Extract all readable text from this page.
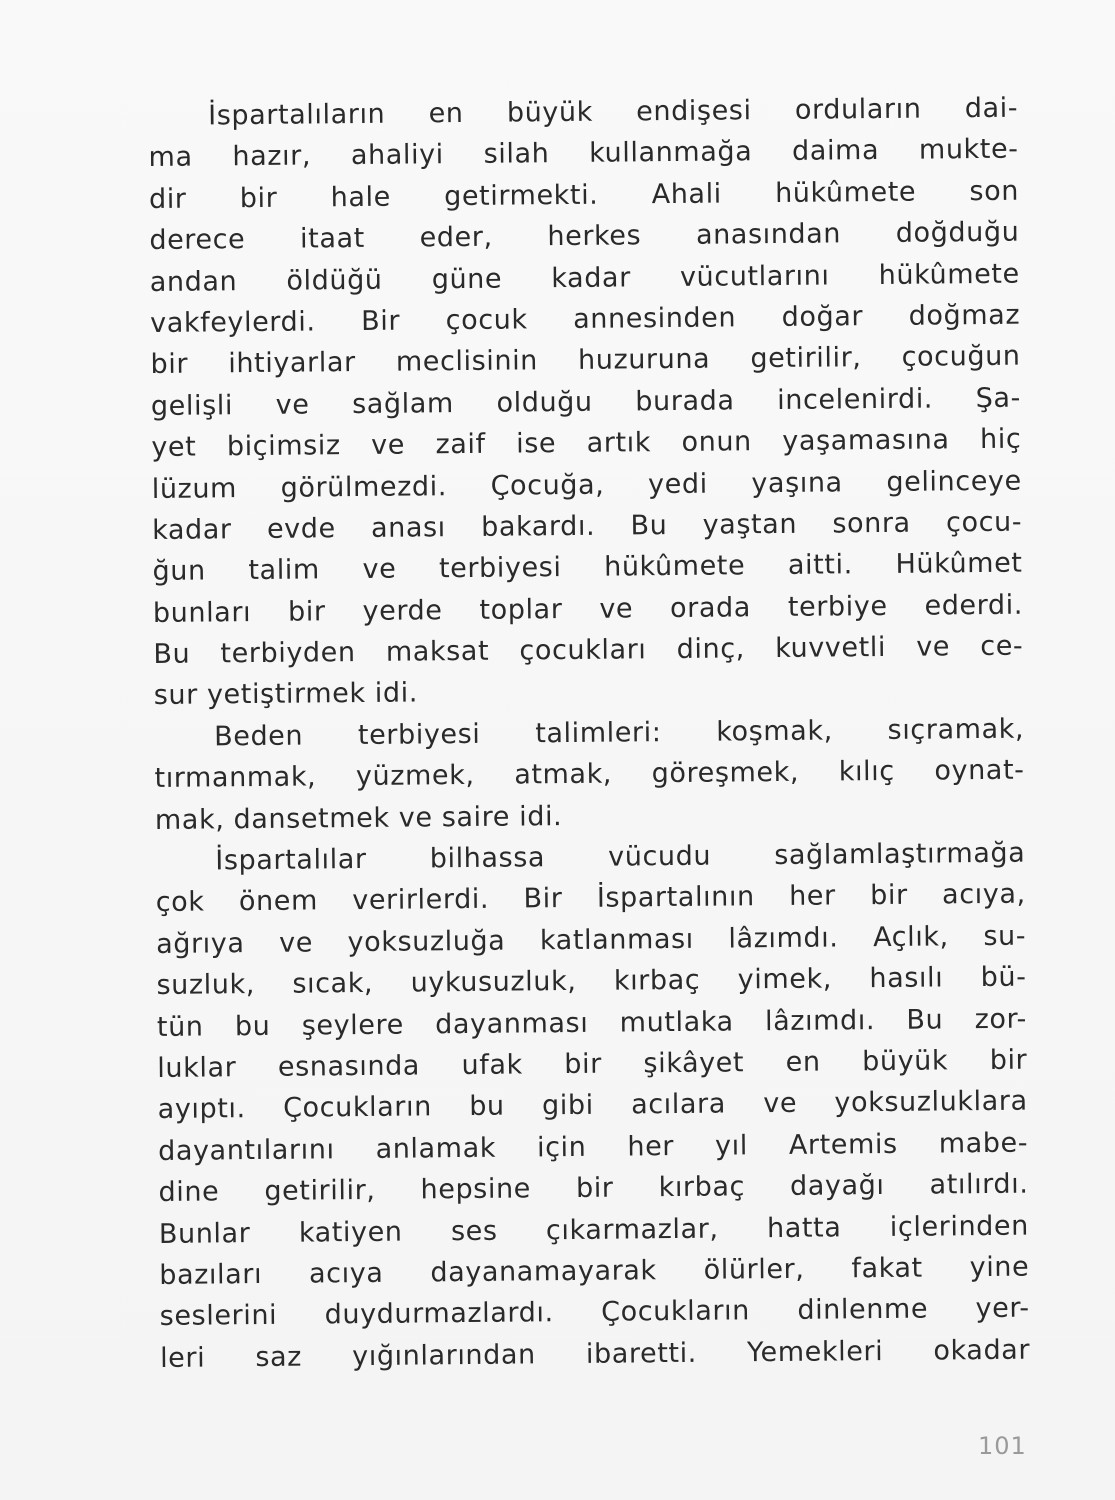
İspartalıların en büyük endişesi orduların dai-
ma hazır, ahaliyi silah kullanmağa daima mukte-
dir bir hale getirmekti. Ahali hükûmete son
derece itaat eder, herkes anasından doğduğu
andan öldüğü güne kadar vücutlarını hükûmete
vakfeylerdi. Bir çocuk annesinden doğar doğmaz
bir ihtiyarlar meclisinin huzuruna getirilir, çocuğun
gelişli ve sağlam olduğu burada incelenirdi. Şa-
yet biçimsiz ve zaif ise artık onun yaşamasına hiç
lüzum görülmezdi. Çocuğa, yedi yaşına gelinceye
kadar evde anası bakardı. Bu yaştan sonra çocu-
ğun talim ve terbiyesi hükûmete aitti. Hükûmet
bunları bir yerde toplar ve orada terbiye ederdi.
Bu terbiyden maksat çocukları dinç, kuvvetli ve ce-
sur yetiştirmek idi.
Beden terbiyesi talimleri: koşmak, sıçramak,
tırmanmak, yüzmek, atmak, göreşmek, kılıç oynat-
mak, dansetmek ve saire idi.
İspartalılar bilhassa vücudu sağlamlaştırmağa
çok önem verirlerdi. Bir İspartalının her bir acıya,
ağrıya ve yoksuzluğa katlanması lâzımdı. Açlık, su-
suzluk, sıcak, uykusuzluk, kırbaç yimek, hasılı bü-
tün bu şeylere dayanması mutlaka lâzımdı. Bu zor-
luklar esnasında ufak bir şikâyet en büyük bir
ayıptı. Çocukların bu gibi acılara ve yoksuzluklara
dayantılarını anlamak için her yıl Artemis mabe-
dine getirilir, hepsine bir kırbaç dayağı atılırdı.
Bunlar katiyen ses çıkarmazlar, hatta içlerinden
bazıları acıya dayanamayarak ölürler, fakat yine
seslerini duydurmazlardı. Çocukların dinlenme yer-
leri saz yığınlarından ibaretti. Yemekleri okadar
101
